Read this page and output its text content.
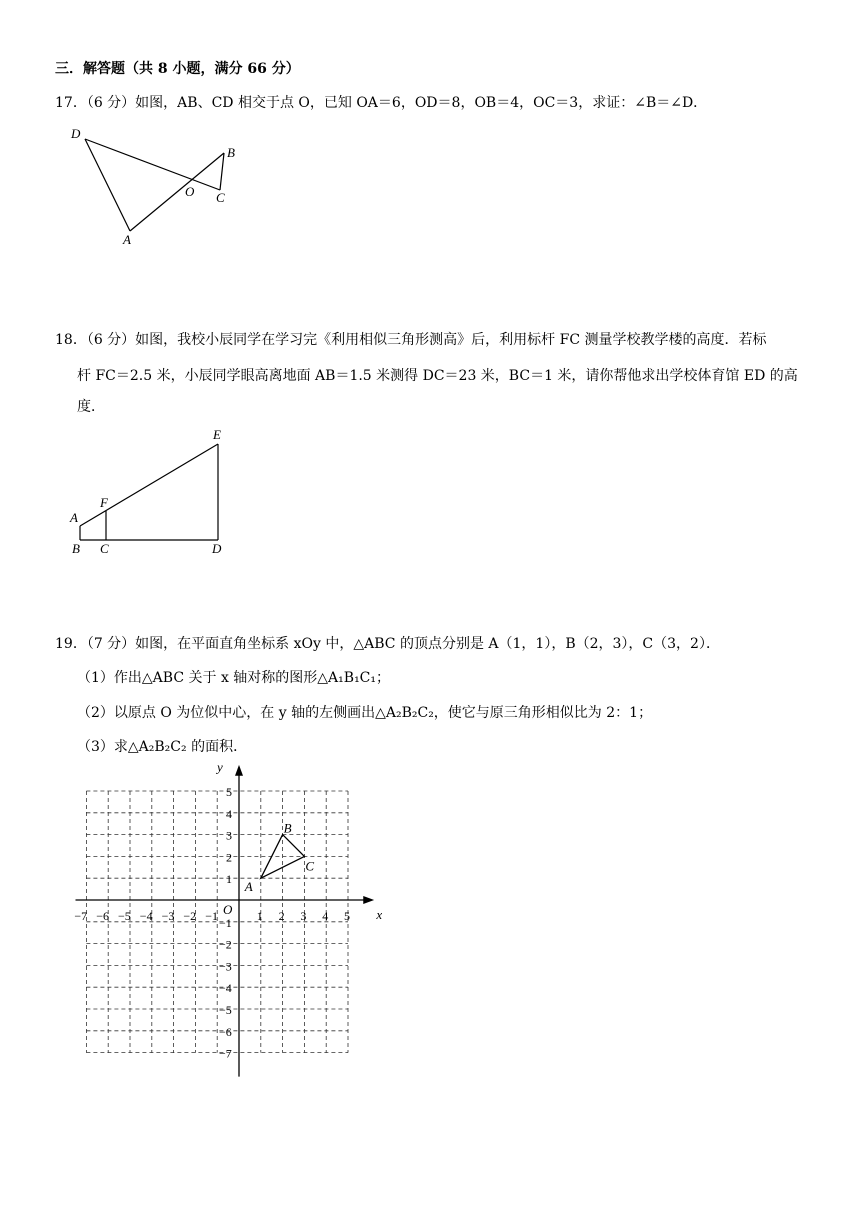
三．解答题（共 8 小题，满分 66 分）
17．（6 分）如图，AB、CD 相交于点 O，已知 OA＝6，OD＝8，OB＝4，OC＝3，求证：∠B＝∠D．
D
B
O C
A
18．（6 分）如图，我校小辰同学在学习完《利用相似三角形测高》后，利用标杆 FC 测量学校教学楼的高度．若标
杆 FC＝2.5 米，小辰同学眼高离地面 AB＝1.5 米测得 DC＝23 米，BC＝1 米，请你帮他求出学校体育馆 ED 的高
度．
E
F
A
B C	D
19．（7 分）如图，在平面直角坐标系 xOy 中，△ABC 的顶点分别是 A（1，1），B（2，3），C（3，2）．
（1）作出△ABC 关于 x 轴对称的图形△A₁B₁C₁；
（2）以原点 O 为位似中心，在 y 轴的左侧画出△A₂B₂C₂，使它与原三角形相似比为 2：1；
（3）求△A₂B₂C₂ 的面积．
x
y
O
−7 −6 −5 −4 −3 −2 −1	1 2 3 4 5
5
4
3
2
1
−1
−2
−3
−4
−5
−6
−7
A
B
C
